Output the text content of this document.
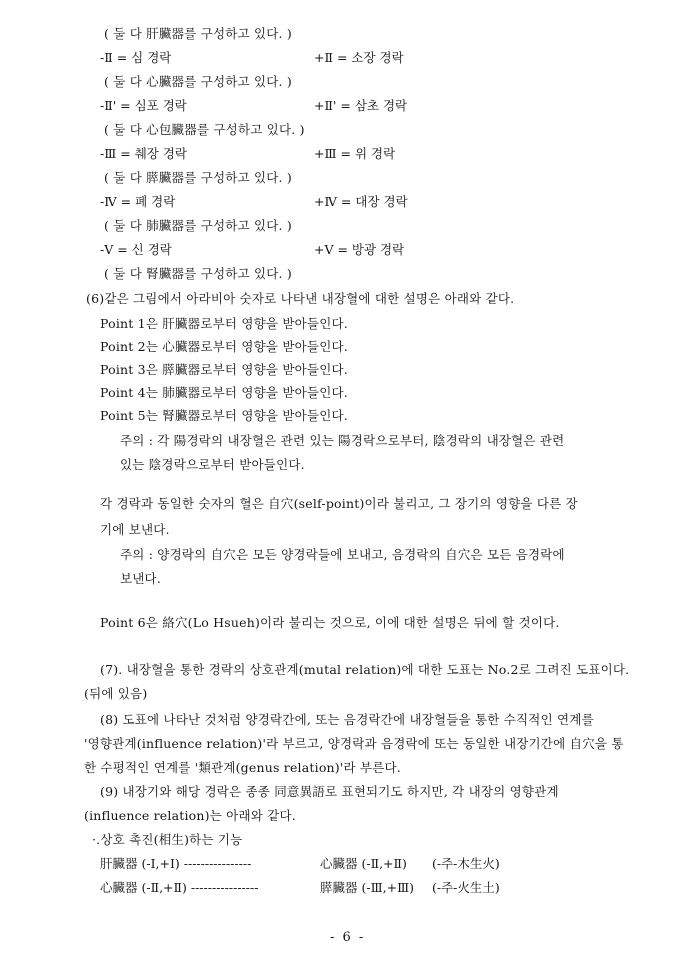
( 둘 다 肝臟器를 구성하고 있다. )
-Ⅱ = 심 경락	+Ⅱ = 소장 경락
( 둘 다 心臟器를 구성하고 있다. )
-Ⅱ' = 심포 경락	+Ⅱ' = 삼초 경락
( 둘 다 心包臟器를 구성하고 있다. )
-Ⅲ = 췌장 경락	+Ⅲ = 위 경락
( 둘 다 膵臟器를 구성하고 있다. )
-Ⅳ = 폐 경락	+Ⅳ = 대장 경락
( 둘 다 肺臟器를 구성하고 있다. )
-Ⅴ = 신 경락	+Ⅴ = 방광 경락
( 둘 다 腎臟器를 구성하고 있다. )
(6)같은 그림에서 아라비아 숫자로 나타낸 내장혈에 대한 설명은 아래와 같다.
Point 1은 肝臟器로부터 영향을 받아들인다.
Point 2는 心臟器로부터 영향을 받아들인다.
Point 3은 膵臟器로부터 영향을 받아들인다.
Point 4는 肺臟器로부터 영향을 받아들인다.
Point 5는 腎臟器로부터 영향을 받아들인다.
주의 : 각 陽경락의 내장혈은 관련 있는 陽경락으로부터, 陰경락의 내장혈은 관련
있는 陰경락으로부터 받아들인다.
각 경락과 동일한 숫자의 혈은 自穴(self-point)이라 불리고, 그 장기의 영향을 다른 장
기에 보낸다.
주의 : 양경락의 自穴은 모든 양경락들에 보내고, 음경락의 自穴은 모든 음경락에
보낸다.
Point 6은 絡穴(Lo Hsueh)이라 불리는 것으로, 이에 대한 설명은 뒤에 할 것이다.
(7). 내장혈을 통한 경락의 상호관계(mutal relation)에 대한 도표는 No.2로 그려진 도표이다.
(뒤에 있음)
(8) 도표에 나타난 것처럼 양경락간에, 또는 음경락간에 내장혈들을 통한 수직적인 연계를
'영향관계(influence relation)'라 부르고, 양경락과 음경락에 또는 동일한 내장기간에 自穴을 통
한 수평적인 연계를 '類관계(genus relation)'라 부른다.
(9) 내장기와 해당 경락은 종종 同意異語로 표현되기도 하지만, 각 내장의 영향관계
(influence relation)는 아래와 같다.
·.상호 촉진(相生)하는 기능
肝臟器 (-Ⅰ,+Ⅰ) ----------------	心臟器 (-Ⅱ,+Ⅱ) (-주-木生火)
心臟器 (-Ⅱ,+Ⅱ) ----------------	膵臟器 (-Ⅲ,+Ⅲ) (-주-火生土)
- 6 -
